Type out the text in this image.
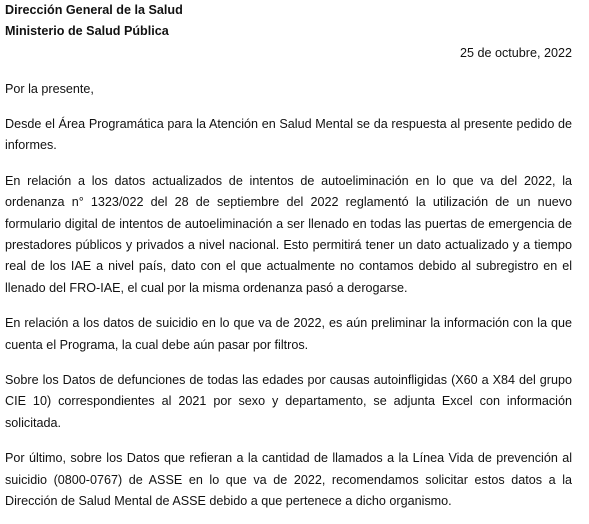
Dirección General de la Salud
Ministerio de Salud Pública
25 de octubre, 2022
Por la presente,

Desde el Área Programática para la Atención en Salud Mental se da respuesta al presente pedido de informes.

En relación a los datos actualizados de intentos de autoeliminación en lo que va del 2022, la ordenanza n° 1323/022 del 28 de septiembre del 2022 reglamentó la utilización de un nuevo formulario digital de intentos de autoeliminación a ser llenado en todas las puertas de emergencia de prestadores públicos y privados a nivel nacional. Esto permitirá tener un dato actualizado y a tiempo real de los IAE a nivel país, dato con el que actualmente no contamos debido al subregistro en el llenado del FRO-IAE, el cual por la misma ordenanza pasó a derogarse.

En relación a los datos de suicidio en lo que va de 2022, es aún preliminar la información con la que cuenta el Programa, la cual debe aún pasar por filtros.

Sobre los Datos de defunciones de todas las edades por causas autoinfligidas (X60 a X84 del grupo CIE 10) correspondientes al 2021 por sexo y departamento, se adjunta Excel con información solicitada.

Por último, sobre los Datos que refieran a la cantidad de llamados a la Línea Vida de prevención al suicidio (0800-0767) de ASSE en lo que va de 2022, recomendamos solicitar estos datos a la Dirección de Salud Mental de ASSE debido a que pertenece a dicho organismo.
